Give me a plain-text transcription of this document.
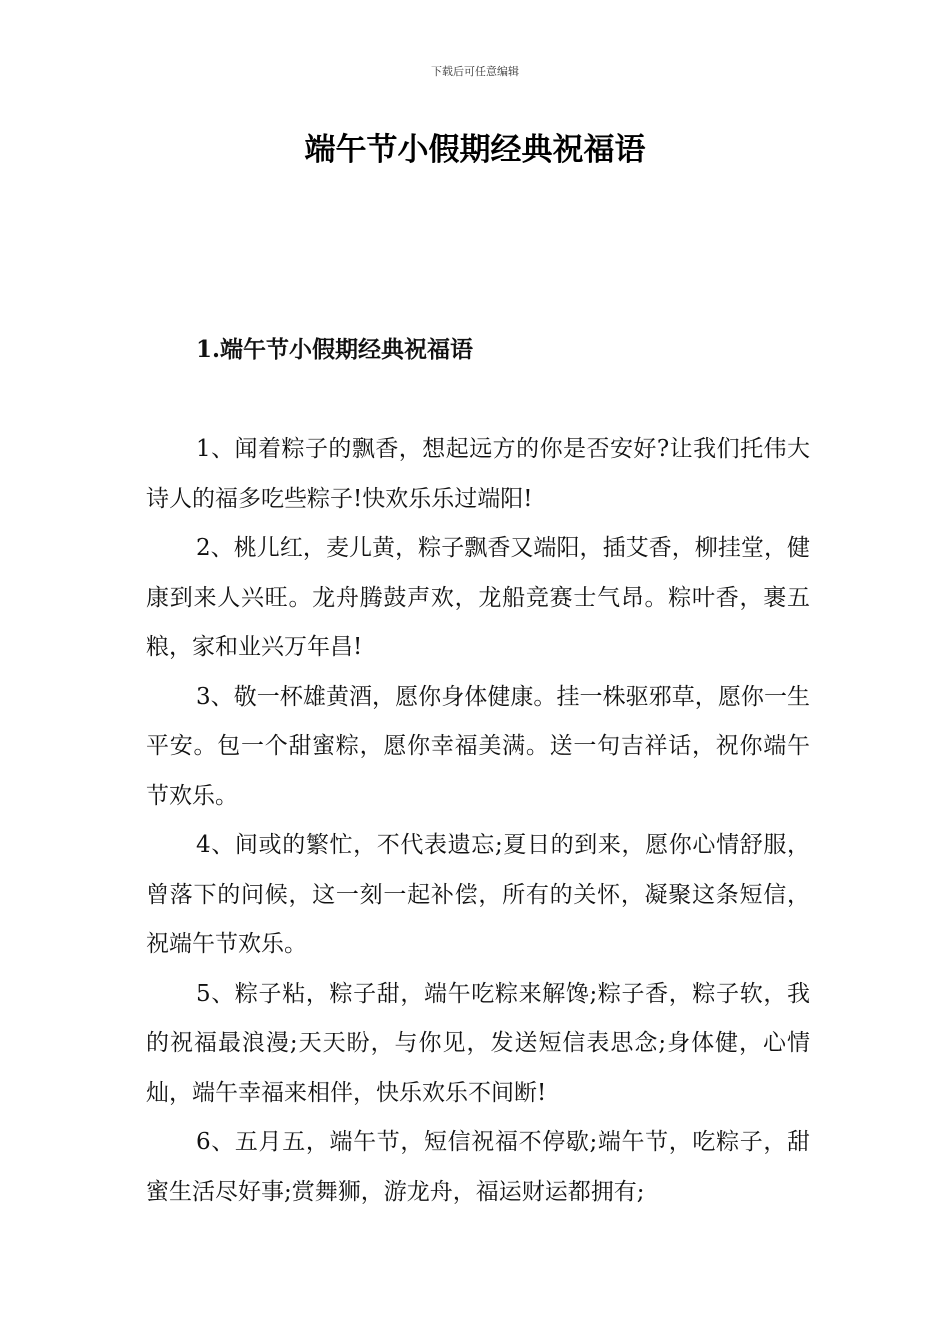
下载后可任意编辑
端午节小假期经典祝福语
1.端午节小假期经典祝福语

1、闻着粽子的飘香，想起远方的你是否安好?让我们托伟大诗人的福多吃些粽子!快欢乐乐过端阳!

2、桃儿红，麦儿黄，粽子飘香又端阳，插艾香，柳挂堂，健康到来人兴旺。龙舟腾鼓声欢，龙船竞赛士气昂。粽叶香，裹五粮，家和业兴万年昌!

3、敬一杯雄黄酒，愿你身体健康。挂一株驱邪草，愿你一生平安。包一个甜蜜粽，愿你幸福美满。送一句吉祥话，祝你端午节欢乐。

4、间或的繁忙，不代表遗忘;夏日的到来，愿你心情舒服，曾落下的问候，这一刻一起补偿，所有的关怀，凝聚这条短信，祝端午节欢乐。

5、粽子粘，粽子甜，端午吃粽来解馋;粽子香，粽子软，我的祝福最浪漫;天天盼，与你见，发送短信表思念;身体健，心情灿，端午幸福来相伴，快乐欢乐不间断!

6、五月五，端午节，短信祝福不停歇;端午节，吃粽子，甜蜜生活尽好事;赏舞狮，游龙舟，福运财运都拥有;
